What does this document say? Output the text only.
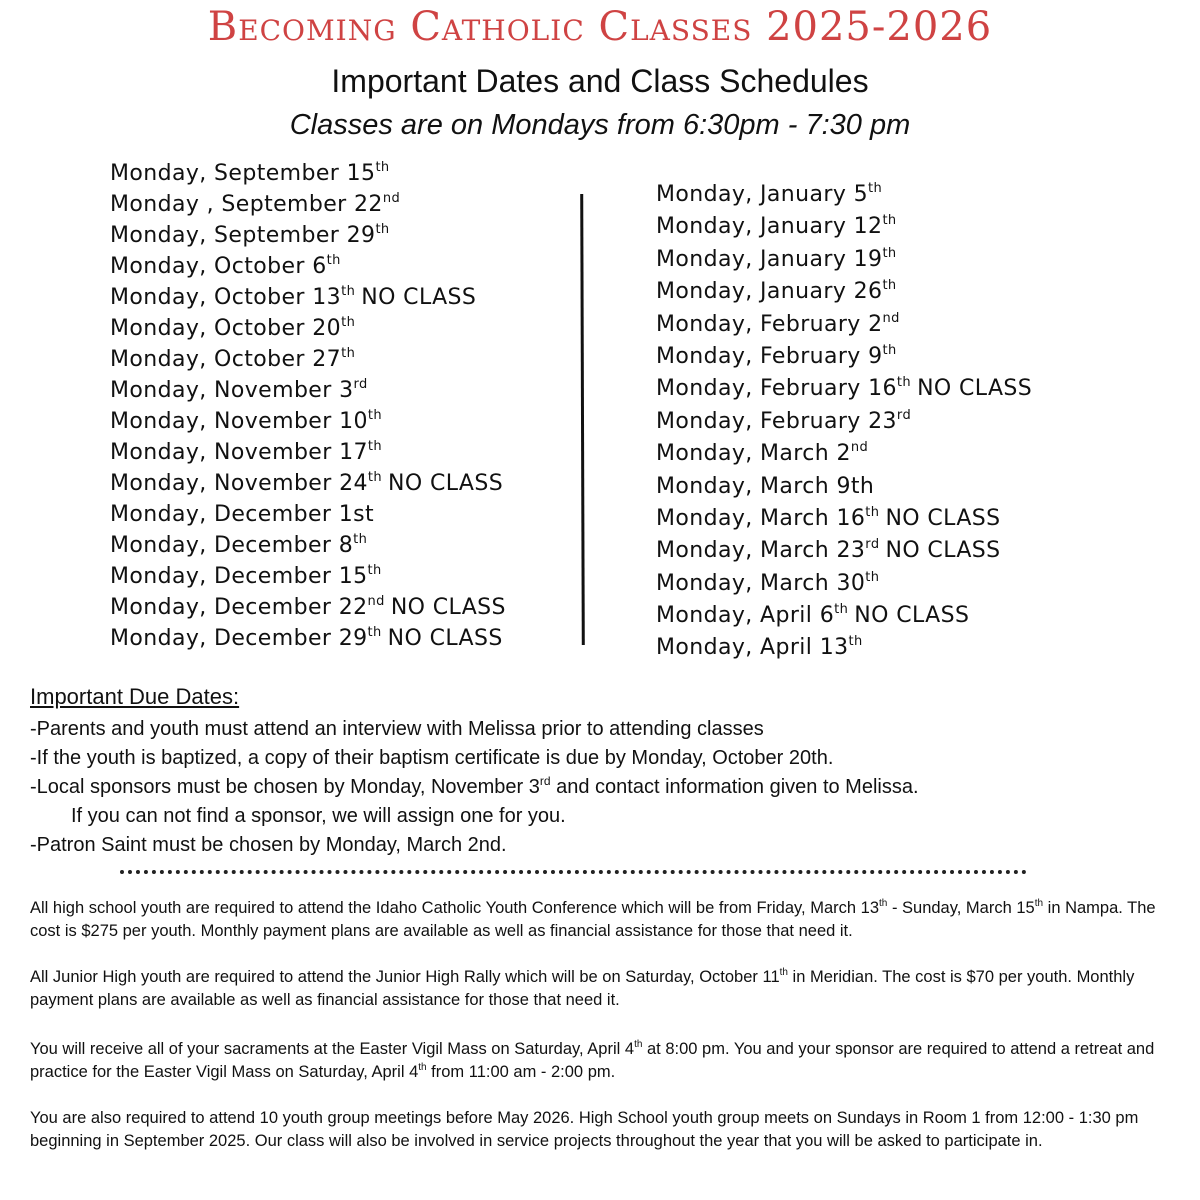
Becoming Catholic Classes 2025-2026
Important Dates and Class Schedules
Classes are on Mondays from 6:30pm - 7:30 pm
Monday, September 15th
Monday , September 22nd
Monday, September 29th
Monday, October 6th
Monday, October 13th NO CLASS
Monday, October 20th
Monday, October 27th
Monday, November 3rd
Monday, November 10th
Monday, November 17th
Monday, November 24th NO CLASS
Monday, December 1st
Monday, December 8th
Monday, December 15th
Monday, December 22nd NO CLASS
Monday, December 29th NO CLASS
Monday, January 5th
Monday, January 12th
Monday, January 19th
Monday, January 26th
Monday, February 2nd
Monday, February 9th
Monday, February 16th NO CLASS
Monday, February 23rd
Monday, March 2nd
Monday, March 9th
Monday, March 16th NO CLASS
Monday, March 23rd NO CLASS
Monday, March 30th
Monday, April 6th NO CLASS
Monday, April 13th
Important Due Dates:
-Parents and youth must attend an interview with Melissa prior to attending classes
-If the youth is baptized, a copy of their baptism certificate is due by Monday, October 20th.
-Local sponsors must be chosen by Monday, November 3rd and contact information given to Melissa.
If you can not find a sponsor, we will assign one for you.
-Patron Saint must be chosen by Monday, March 2nd.

All high school youth are required to attend the Idaho Catholic Youth Conference which will be from Friday, March 13th - Sunday, March 15th in Nampa. The cost is $275 per youth. Monthly payment plans are available as well as financial assistance for those that need it.

All Junior High youth are required to attend the Junior High Rally which will be on Saturday, October 11th in Meridian. The cost is $70 per youth. Monthly payment plans are available as well as financial assistance for those that need it.

You will receive all of your sacraments at the Easter Vigil Mass on Saturday, April 4th at 8:00 pm. You and your sponsor are required to attend a retreat and practice for the Easter Vigil Mass on Saturday, April 4th from 11:00 am - 2:00 pm.

You are also required to attend 10 youth group meetings before May 2026. High School youth group meets on Sundays in Room 1 from 12:00 - 1:30 pm beginning in September 2025. Our class will also be involved in service projects throughout the year that you will be asked to participate in.
